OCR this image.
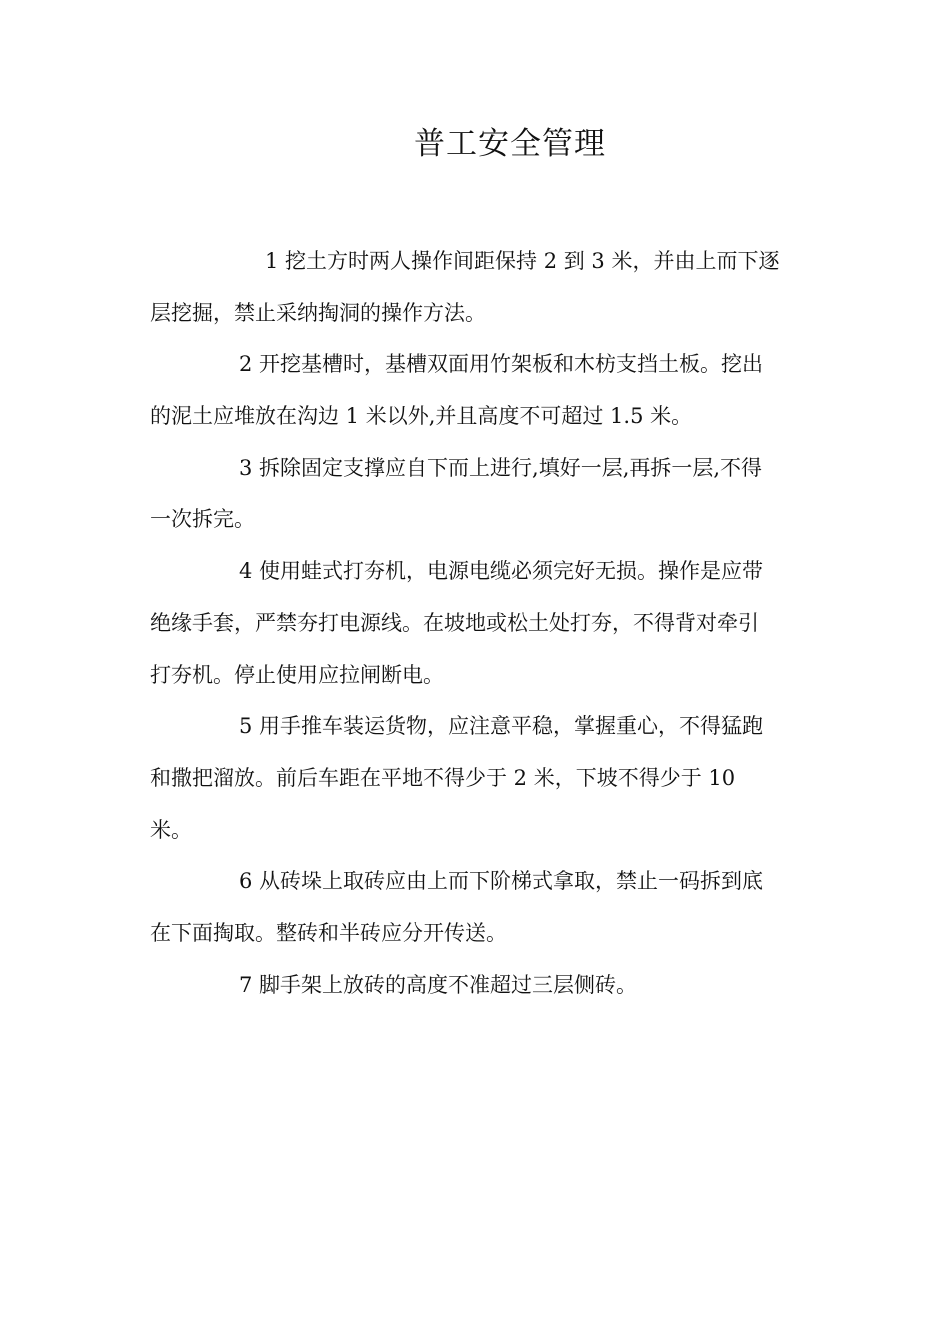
普工安全管理
1 挖土方时两人操作间距保持 2 到 3 米，并由上而下逐
层挖掘，禁止采纳掏洞的操作方法。
2 开挖基槽时，基槽双面用竹架板和木枋支挡土板。挖出
的泥土应堆放在沟边 1 米以外,并且高度不可超过 1.5 米。
3 拆除固定支撑应自下而上进行,填好一层,再拆一层,不得
一次拆完。
4 使用蛙式打夯机，电源电缆必须完好无损。操作是应带
绝缘手套，严禁夯打电源线。在坡地或松土处打夯，不得背对牵引
打夯机。停止使用应拉闸断电。
5 用手推车装运货物，应注意平稳，掌握重心，不得猛跑
和撒把溜放。前后车距在平地不得少于 2 米，下坡不得少于 10
米。
6 从砖垛上取砖应由上而下阶梯式拿取，禁止一码拆到底
在下面掏取。整砖和半砖应分开传送。
7 脚手架上放砖的高度不准超过三层侧砖。
